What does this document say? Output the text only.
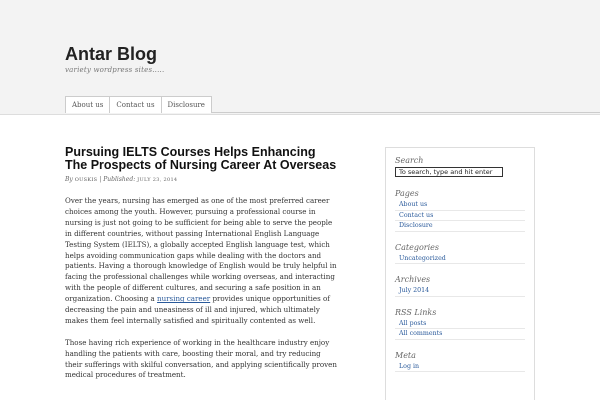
Antar Blog
variety wordpress sites.....
About us	Contact us	Disclosure
Pursuing IELTS Courses Helps Enhancing The Prospects of Nursing Career At Overseas
By OUSKIS | Published: JULY 23, 2014

Over the years, nursing has emerged as one of the most preferred career choices among the youth. However, pursuing a professional course in nursing is just not going to be sufficient for being able to serve the people in different countries, without passing International English Language Testing System (IELTS), a globally accepted English language test, which helps avoiding communication gaps while dealing with the doctors and patients. Having a thorough knowledge of English would be truly helpful in facing the professional challenges while working overseas, and interacting with the people of different cultures, and securing a safe position in an organization. Choosing a nursing career provides unique opportunities of decreasing the pain and uneasiness of ill and injured, which ultimately makes them feel internally satisfied and spiritually contented as well.

Those having rich experience of working in the healthcare industry enjoy handling the patients with care, boosting their moral, and try reducing their sufferings with skilful conversation, and applying scientifically proven medical procedures of treatment.

Search
To search, type and hit enter
Pages
About us
Contact us
Disclosure
Categories
Uncategorized
Archives
July 2014
RSS Links
All posts
All comments
Meta
Log in
